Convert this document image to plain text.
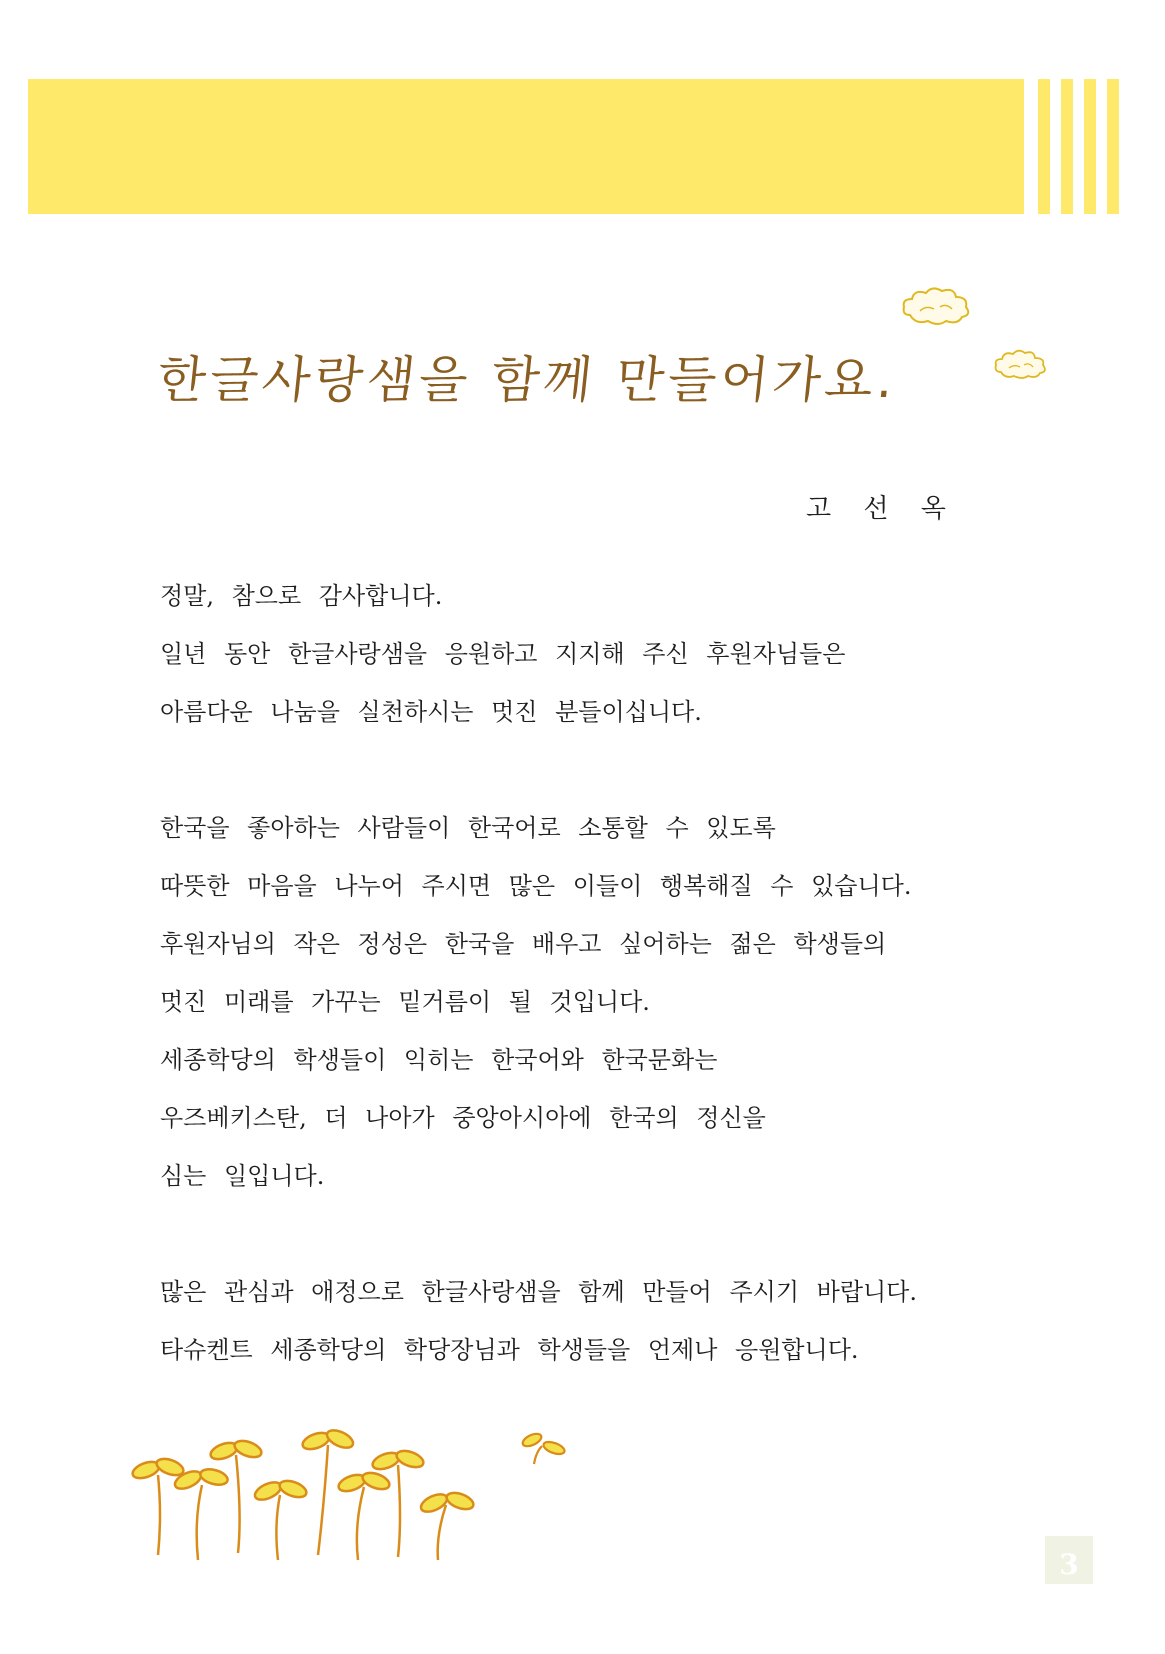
한글사랑샘을 함께 만들어가요.
고 선 옥
정말, 참으로 감사합니다.
일년 동안 한글사랑샘을 응원하고 지지해 주신 후원자님들은
아름다운 나눔을 실천하시는 멋진 분들이십니다.
한국을 좋아하는 사람들이 한국어로 소통할 수 있도록
따뜻한 마음을 나누어 주시면 많은 이들이 행복해질 수 있습니다.
후원자님의 작은 정성은 한국을 배우고 싶어하는 젊은 학생들의
멋진 미래를 가꾸는 밑거름이 될 것입니다.
세종학당의 학생들이 익히는 한국어와 한국문화는
우즈베키스탄, 더 나아가 중앙아시아에 한국의 정신을
심는 일입니다.
많은 관심과 애정으로 한글사랑샘을 함께 만들어 주시기 바랍니다.
타슈켄트 세종학당의 학당장님과 학생들을 언제나 응원합니다.
3
